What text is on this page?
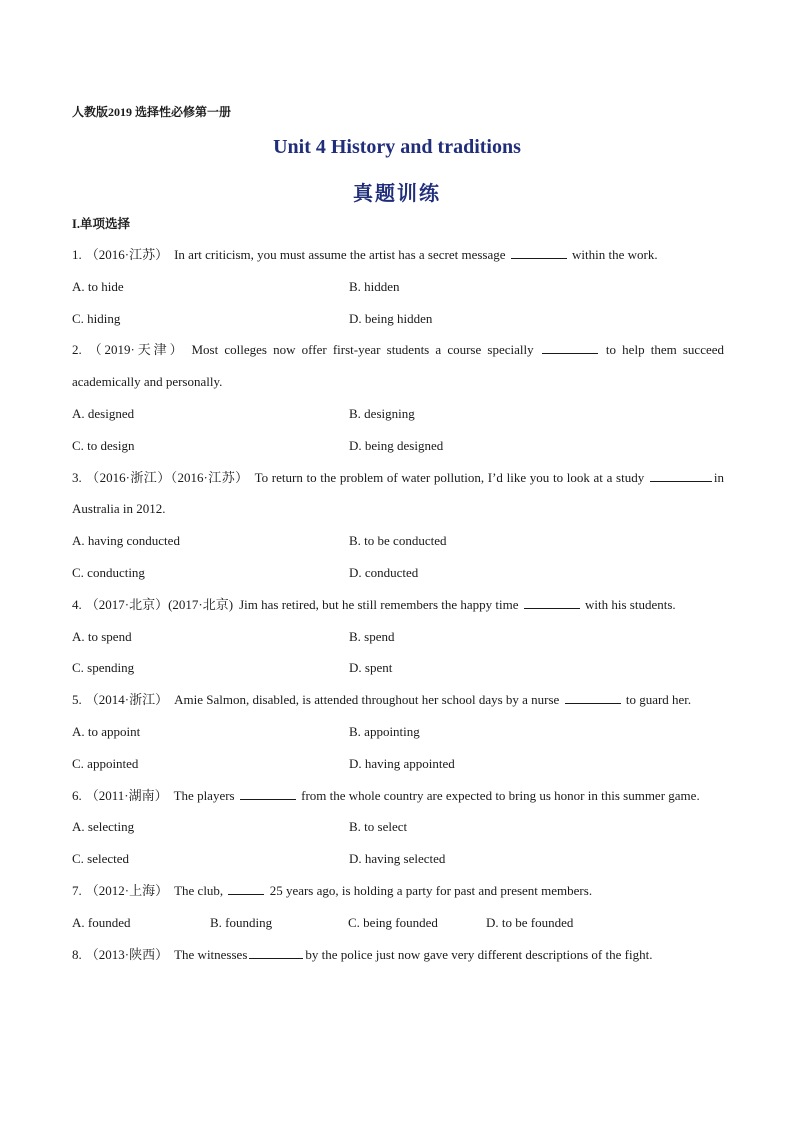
人教版2019 选择性必修第一册
Unit 4 History and traditions
真题训练
I.单项选择
1. （2016·江苏） In art criticism, you must assume the artist has a secret message	within the work.
A. to hide	B. hidden
C. hiding	D. being hidden
2. （2019·天津） Most colleges now offer first-year students a course specially	to help them succeed academically and personally.
A. designed	B. designing
C. to design	D. being designed
3. （2016·浙江）（2016·江苏） To return to the problem of water pollution, I’d like you to look at a study	in Australia in 2012.
A. having conducted	B. to be conducted
C. conducting	D. conducted
4. （2017·北京）(2017·北京) Jim has retired, but he still remembers the happy time	with his students.
A. to spend	B. spend
C. spending	D. spent
5. （2014·浙江） Amie Salmon, disabled, is attended throughout her school days by a nurse	to guard her.
A. to appoint	B. appointing
C. appointed	D. having appointed
6. （2011·湖南） The players	from the whole country are expected to bring us honor in this summer game.
A. selecting	B. to select
C. selected	D. having selected
7. （2012·上海） The club,	25 years ago, is holding a party for past and present members.
A. founded	B. founding	C. being founded	D. to be founded
8. （2013·陕西） The witnesses	by the police just now gave very different descriptions of the fight.
